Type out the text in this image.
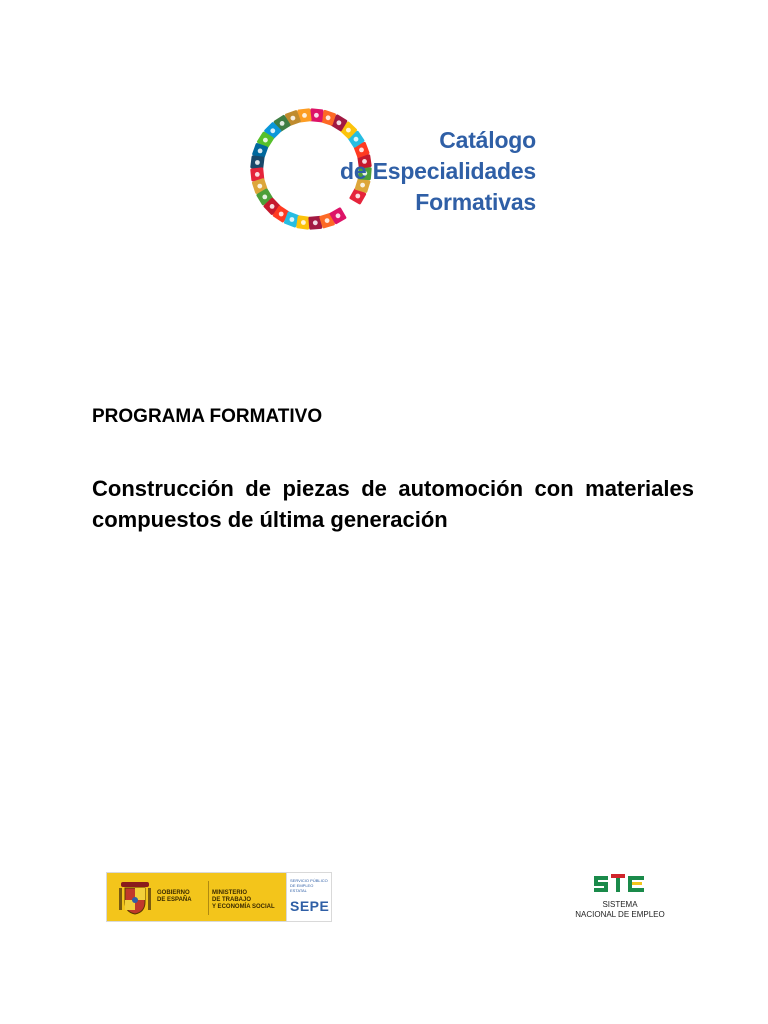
Catálogo
de Especialidades
Formativas
PROGRAMA FORMATIVO
Construcción de piezas de automoción con materiales compuestos de última generación
GOBIERNO
DE ESPAÑA
MINISTERIO
DE TRABAJO
Y ECONOMÍA SOCIAL
SERVICIO PÚBLICO
DE EMPLEO ESTATAL
SEPE	SISTEMA
NACIONAL DE EMPLEO
